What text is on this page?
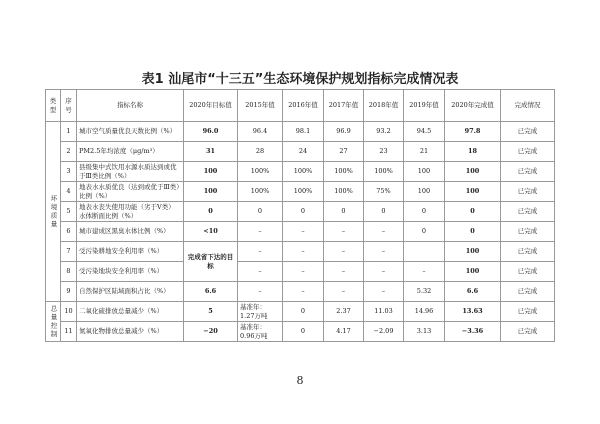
表1 汕尾市“十三五”生态环境保护规划指标完成情况表
类型	序号	指标名称	2020年目标值	2015年值	2016年值	2017年值	2018年值	2019年值	2020年完成值	完成情况
环境质量	1	城市空气质量优良天数比例（%）	96.0	96.4	98.1	96.9	93.2	94.5	97.8	已完成
	2	PM2.5年均浓度（μg/m³）	31	28	24	27	23	21	18	已完成
	3	县级集中式饮用水源水质达到或优于Ⅲ类比例（%）	100	100%	100%	100%	100%	100	100	已完成
	4	地表水水质优良（达到或优于Ⅲ类）比例（%）	100	100%	100%	100%	75%	100	100	已完成
	5	地表水丧失使用功能（劣于Ⅴ类）水体断面比例（%）	0	0	0	0	0	0	0	已完成
	6	城市建成区黑臭水体比例（%）	<10	–	–	–	–	0	0	已完成
	7	受污染耕地安全利用率（%）	完成省下达的目标	–	–	–	–		100	已完成
	8	受污染地块安全利用率（%）		–	–	–	–	–	100	已完成
	9	自然保护区陆域面积占比（%）	6.6	–	–	–	–	5.32	6.6	已完成
总量控制	10	二氧化硫排放总量减少（%）	5	基准年：1.27万吨	0	2.37	11.03	14.96	13.63	已完成
	11	氮氧化物排放总量减少（%）	−20	基准年：0.96万吨	0	4.17	−2.09	3.13	−3.36	已完成
8
